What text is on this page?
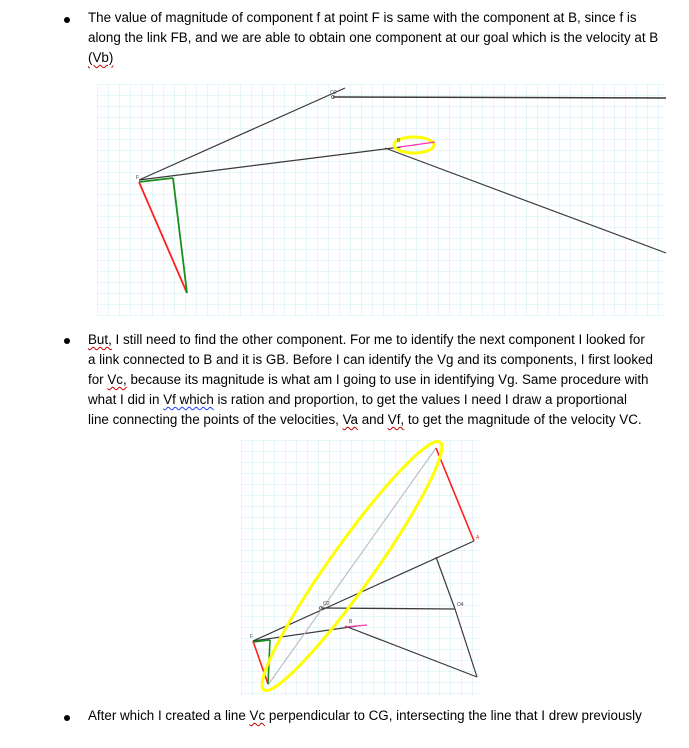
The value of magnitude of component f at point F is same with the component at B, since f is
along the link FB, and we are able to obtain one component at our goal which is the velocity at B
(Vb)

F
B
O2

But, I still need to find the other component. For me to identify the next component I looked for
a link connected to B and it is GB. Before I can identify the Vg and its components, I first looked
for Vc, because its magnitude is what am I going to use in identifying Vg. Same procedure with
what I did in Vf which is ration and proportion, to get the values I need I draw a proportional
line connecting the points of the velocities, Va and Vf, to get the magnitude of the velocity VC.

F
B
O2	O4
A

After which I created a line Vc perpendicular to CG, intersecting the line that I drew previously
